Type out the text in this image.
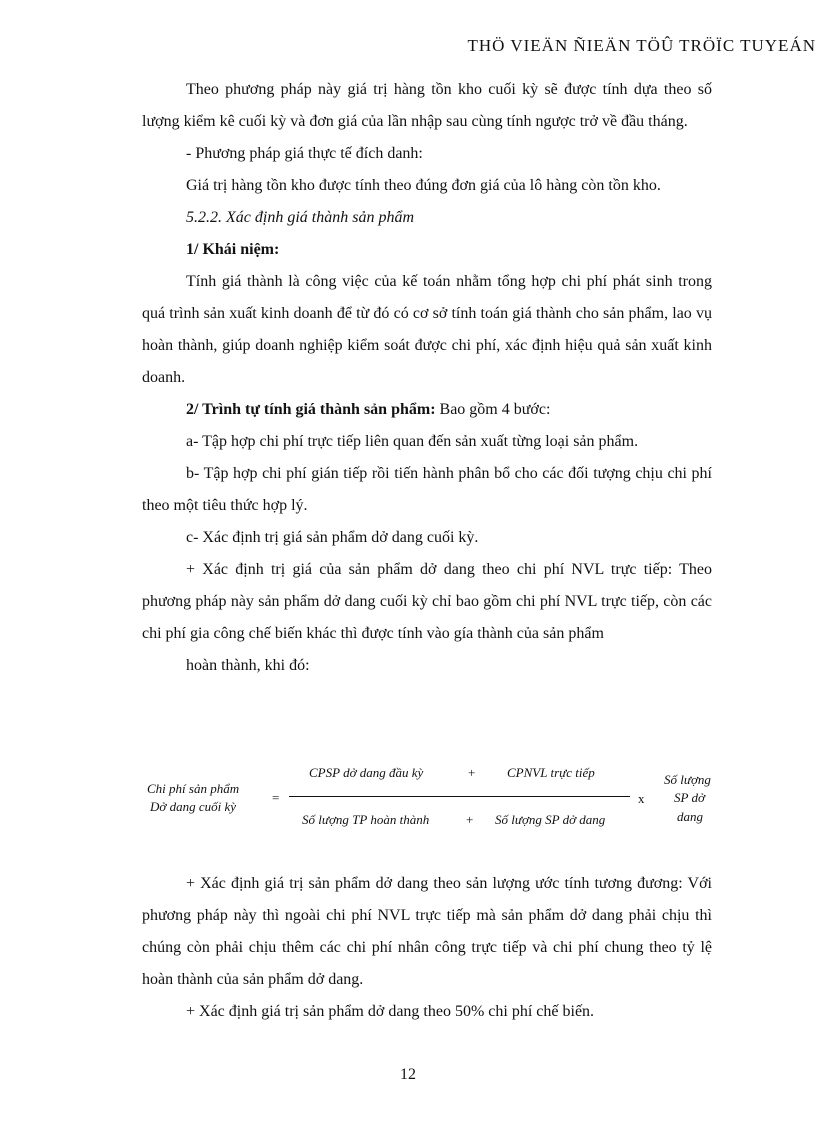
THÖ VIEÄN ÑIEÄN TÖÛ TRÖÏC TUYEÁN

Theo phương pháp này giá trị hàng tồn kho cuối kỳ sẽ được tính dựa theo số lượng kiểm kê cuối kỳ và đơn giá của lần nhập sau cùng tính ngược trở về đầu tháng.

- Phương pháp giá thực tế đích danh:

Giá trị hàng tồn kho được tính theo đúng đơn giá của lô hàng còn tồn kho.

5.2.2. Xác định giá thành sản phẩm

1/ Khái niệm:

Tính giá thành là công việc của kế toán nhằm tổng hợp chi phí phát sinh trong quá trình sản xuất kinh doanh để từ đó có cơ sở tính toán giá thành cho sản phẩm, lao vụ hoàn thành, giúp doanh nghiệp kiểm soát được chi phí, xác định hiệu quả sản xuất kinh doanh.

2/ Trình tự tính giá thành sản phẩm: Bao gồm 4 bước:

a- Tập hợp chi phí trực tiếp liên quan đến sản xuất từng loại sản phẩm.

b- Tập hợp chi phí gián tiếp rồi tiến hành phân bổ cho các đối tượng chịu chi phí theo một tiêu thức hợp lý.

c- Xác định trị giá sản phẩm dở dang cuối kỳ.

+ Xác định trị giá của sản phẩm dở dang theo chi phí NVL trực tiếp: Theo phương pháp này sản phẩm dở dang cuối kỳ chỉ bao gồm chi phí NVL trực tiếp, còn các chi phí gia công chế biến khác thì được tính vào gía thành của sản phẩm

hoàn thành, khi đó:

Chi phí sản phẩm
Dở dang cuối kỳ
=
CPSP dở dang đầu kỳ	+ CPNVL trực tiếp
Số lượng TP hoàn thành	+ Số lượng SP dở dang
x
Số lượng
SP dở
dang

+ Xác định giá trị sản phẩm dở dang theo sản lượng ước tính tương đương: Với phương pháp này thì ngoài chi phí NVL trực tiếp mà sản phẩm dở dang phải chịu thì chúng còn phải chịu thêm các chi phí nhân công trực tiếp và chi phí chung theo tỷ lệ hoàn thành của sản phẩm dở dang.

+ Xác định giá trị sản phẩm dở dang theo 50% chi phí chế biến.

12
